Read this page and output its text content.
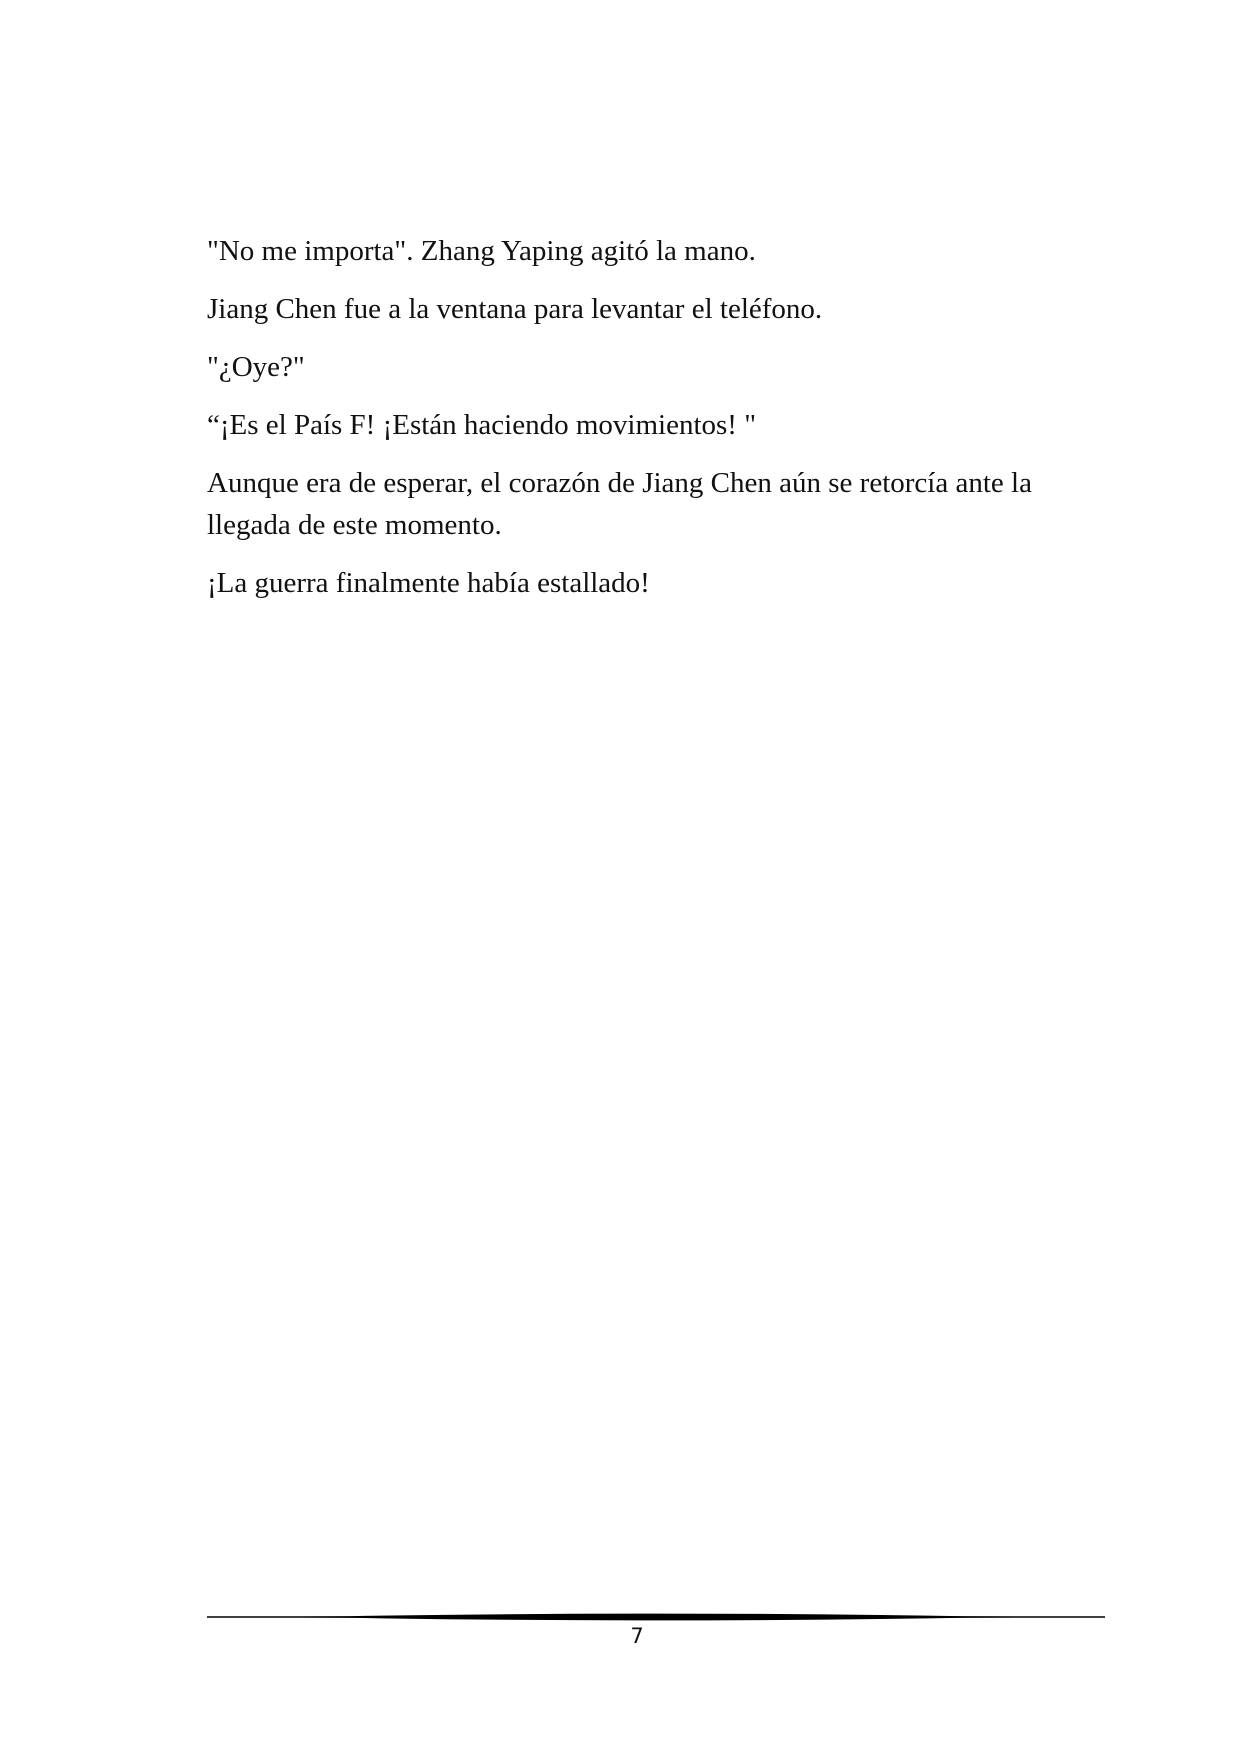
"No me importa". Zhang Yaping agitó la mano.

Jiang Chen fue a la ventana para levantar el teléfono.

"¿Oye?"

“¡Es el País F! ¡Están haciendo movimientos! "

Aunque era de esperar, el corazón de Jiang Chen aún se retorcía ante la llegada de este momento.

¡La guerra finalmente había estallado!

7
